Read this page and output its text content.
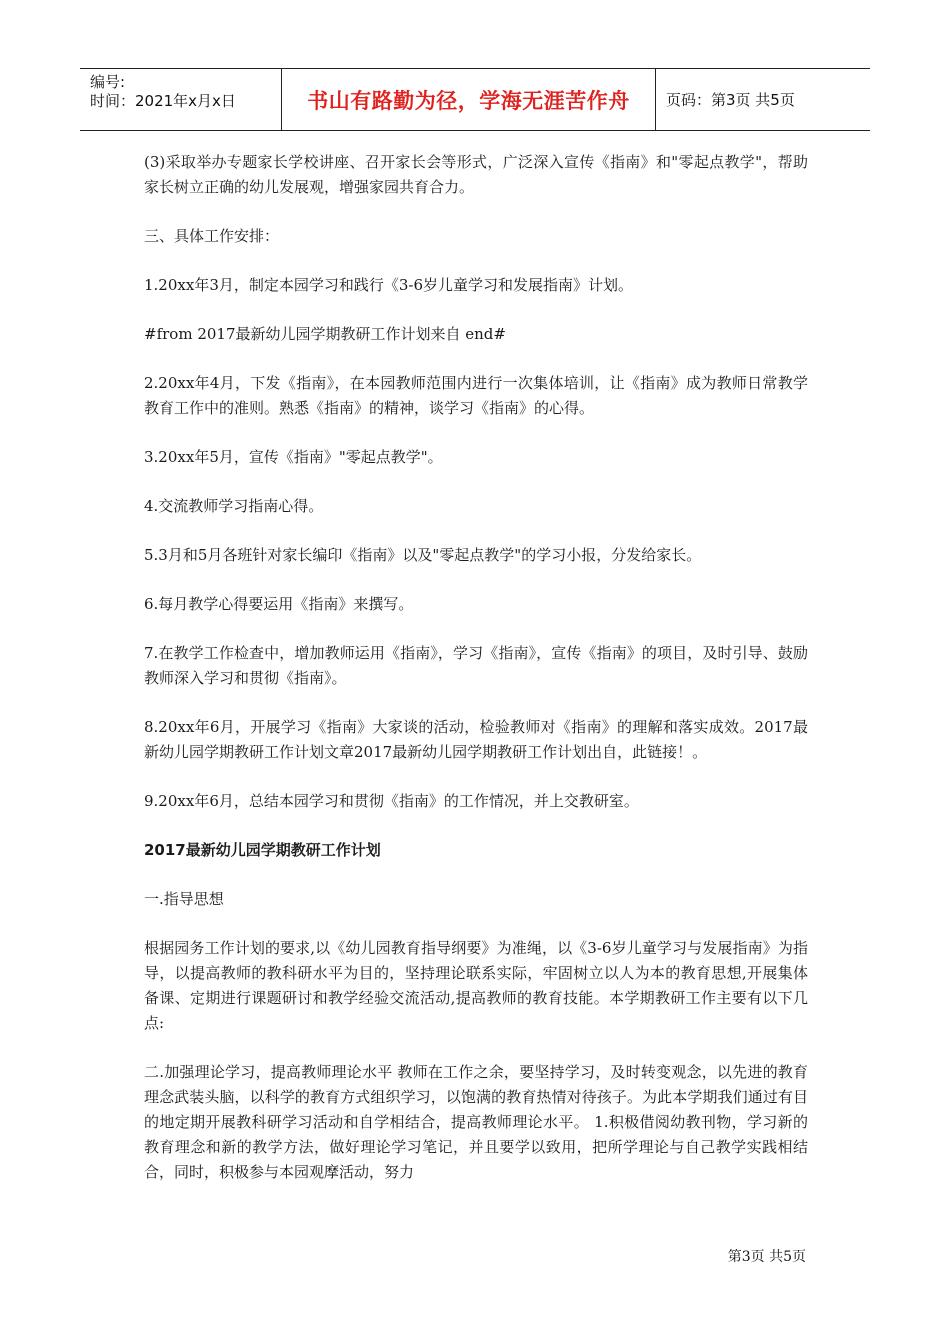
编号:
时间：2021年x月x日	书山有路勤为径，学海无涯苦作舟	页码：第3页 共5页

(3)采取举办专题家长学校讲座、召开家长会等形式，广泛深入宣传《指南》和"零起点教学"，帮助家长树立正确的幼儿发展观，增强家园共育合力。

三、具体工作安排：

1.20xx年3月，制定本园学习和践行《3-6岁儿童学习和发展指南》计划。

#from 2017最新幼儿园学期教研工作计划来自 end#

2.20xx年4月，下发《指南》，在本园教师范围内进行一次集体培训，让《指南》成为教师日常教学教育工作中的准则。熟悉《指南》的精神，谈学习《指南》的心得。

3.20xx年5月，宣传《指南》"零起点教学"。

4.交流教师学习指南心得。

5.3月和5月各班针对家长编印《指南》以及"零起点教学"的学习小报，分发给家长。

6.每月教学心得要运用《指南》来撰写。

7.在教学工作检查中，增加教师运用《指南》，学习《指南》，宣传《指南》的项目，及时引导、鼓励教师深入学习和贯彻《指南》。

8.20xx年6月，开展学习《指南》大家谈的活动，检验教师对《指南》的理解和落实成效。2017最新幼儿园学期教研工作计划文章2017最新幼儿园学期教研工作计划出自，此链接！。

9.20xx年6月，总结本园学习和贯彻《指南》的工作情况，并上交教研室。

2017最新幼儿园学期教研工作计划

一.指导思想

根据园务工作计划的要求,以《幼儿园教育指导纲要》为准绳，以《3-6岁儿童学习与发展指南》为指导，以提高教师的教科研水平为目的，坚持理论联系实际，牢固树立以人为本的教育思想,开展集体备课、定期进行课题研讨和教学经验交流活动,提高教师的教育技能。本学期教研工作主要有以下几点:

二.加强理论学习，提高教师理论水平 教师在工作之余，要坚持学习，及时转变观念，以先进的教育理念武装头脑，以科学的教育方式组织学习，以饱满的教育热情对待孩子。为此本学期我们通过有目的地定期开展教科研学习活动和自学相结合，提高教师理论水平。 1.积极借阅幼教刊物，学习新的教育理念和新的教学方法，做好理论学习笔记，并且要学以致用，把所学理论与自己教学实践相结合，同时，积极参与本园观摩活动，努力

第3页 共5页
